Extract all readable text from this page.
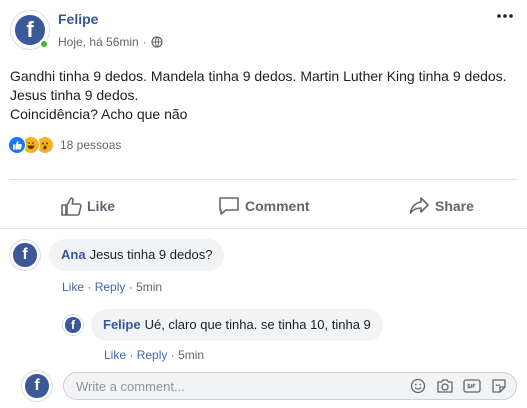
f	Felipe
Hoje, há 56min ·
Gandhi tinha 9 dedos. Mandela tinha 9 dedos. Martin Luther King tinha 9 dedos.
Jesus tinha 9 dedos.
Coincidência? Acho que não
18 pessoas
Like	Comment	Share
f	Ana Jesus tinha 9 dedos?
Like · Reply · 5min
f	Felipe Ué, claro que tinha. se tinha 10, tinha 9
Like · Reply · 5min
f
Write a comment...
